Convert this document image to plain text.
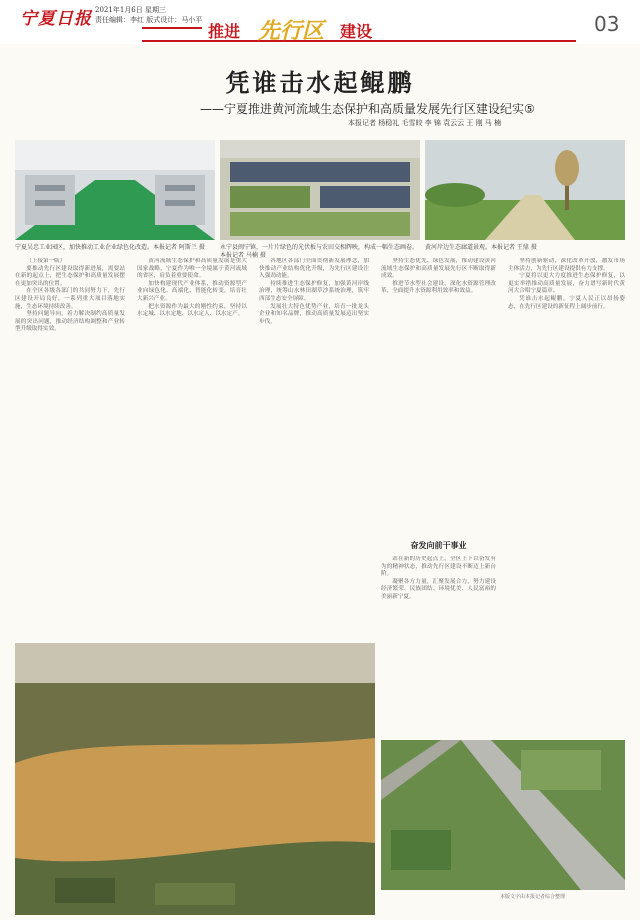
宁夏日报 2021年1月6日 星期三
责任编辑：李红 版式设计：马小平
推进 先行区 建设	03
凭谁击水起鲲鹏
——宁夏推进黄河流域生态保护和高质量发展先行区建设纪实⑤
本报记者 杨稳礼 毛雪皎 李 锦 袁云云 王 刚 马 楠
宁夏吴忠工业园区，加快推动工业企业绿色化改造。本报记者 阿斯兰 摄	永宁县闽宁镇，一片片绿色的光伏板与农田交相辉映，构成一幅生态画卷。本报记者 马楠 摄
黄河岸边生态廊道景观。本报记者 王鼎 摄

（上接第一版）

要推动先行区建设取得新进展，需要站在新的起点上，把生态保护和高质量发展摆在更加突出的位置。

在全区各级各部门的共同努力下，先行区建设开局良好，一系列重大项目落地实施，生态环境持续改善。

坚持问题导向，着力解决制约高质量发展的突出问题，推动经济结构调整和产业转型升级取得实效。

黄河流域生态保护和高质量发展是重大国家战略，宁夏作为唯一全境属于黄河流域的省区，肩负着重要使命。

加快构建现代产业体系，推动资源型产业向绿色化、高端化、智能化转变，培育壮大新兴产业。

把水资源作为最大的刚性约束，坚持以水定城、以水定地、以水定人、以水定产。

各地区各部门全面贯彻新发展理念，加快推动产业结构优化升级，为先行区建设注入强劲动能。

持续推进生态保护修复，加强黄河岸线治理，统筹山水林田湖草沙系统治理，筑牢西部生态安全屏障。

发展壮大特色优势产业，培育一批龙头企业和知名品牌，推动高质量发展迈出坚实步伐。

坚持生态优先、绿色发展，推动建设黄河流域生态保护和高质量发展先行区不断取得新成效。

推进节水型社会建设，深化水资源管理改革，全面提升水资源利用效率和效益。

奋发向前干事业

站在新的历史起点上，全区上下以奋发有为的精神状态，推动先行区建设不断迈上新台阶。

凝聚各方力量，汇聚发展合力，努力建设经济繁荣、民族团结、环境优美、人民富裕的美丽新宁夏。

坚持创新驱动，深化改革开放，激发市场主体活力，为先行区建设提供有力支撑。

宁夏将以更大力度推进生态保护修复，以更实举措推动高质量发展，奋力谱写新时代黄河大合唱宁夏篇章。

凭谁击水起鲲鹏，宁夏人民正以昂扬姿态，在先行区建设的新征程上阔步前行。

本版文字由本报记者综合整理
